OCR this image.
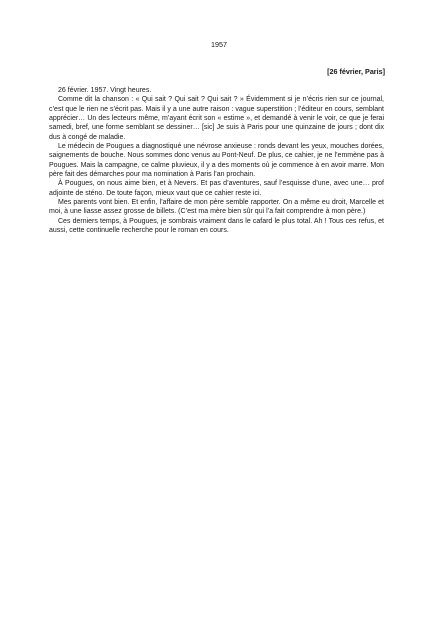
1957
[26 février, Paris]

26 février. 1957. Vingt heures.

Comme dit la chanson : « Qui sait ? Qui sait ? Qui sait ? » Évidemment si je n’écris rien sur ce journal, c’est que le rien ne s’écrit pas. Mais il y a une autre raison : vague superstition ; l’éditeur en cours, semblant apprécier… Un des lecteurs même, m’ayant écrit son « estime », et demandé à venir le voir, ce que je ferai samedi, bref, une forme semblant se dessiner… [sic] Je suis à Paris pour une quinzaine de jours ; dont dix dus à congé de maladie.

Le médecin de Pougues a diagnostiqué une névrose anxieuse : ronds devant les yeux, mouches dorées, saignements de bouche. Nous sommes donc venus au Pont-Neuf. De plus, ce cahier, je ne l’emmène pas à Pougues. Mais la campagne, ce calme pluvieux, il y a des moments où je commence à en avoir marre. Mon père fait des démarches pour ma nomination à Paris l’an prochain.

À Pougues, on nous aime bien, et à Nevers. Et pas d’aventures, sauf l’esquisse d’une, avec une… prof adjointe de sténo. De toute façon, mieux vaut que ce cahier reste ici.

Mes parents vont bien. Et enfin, l’affaire de mon père semble rapporter. On a même eu droit, Marcelle et moi, à une liasse assez grosse de billets. (C’est ma mère bien sûr qui l’a fait comprendre à mon père.)

Ces derniers temps, à Pougues, je sombrais vraiment dans le cafard le plus total. Ah ! Tous ces refus, et aussi, cette continuelle recherche pour le roman en cours.
